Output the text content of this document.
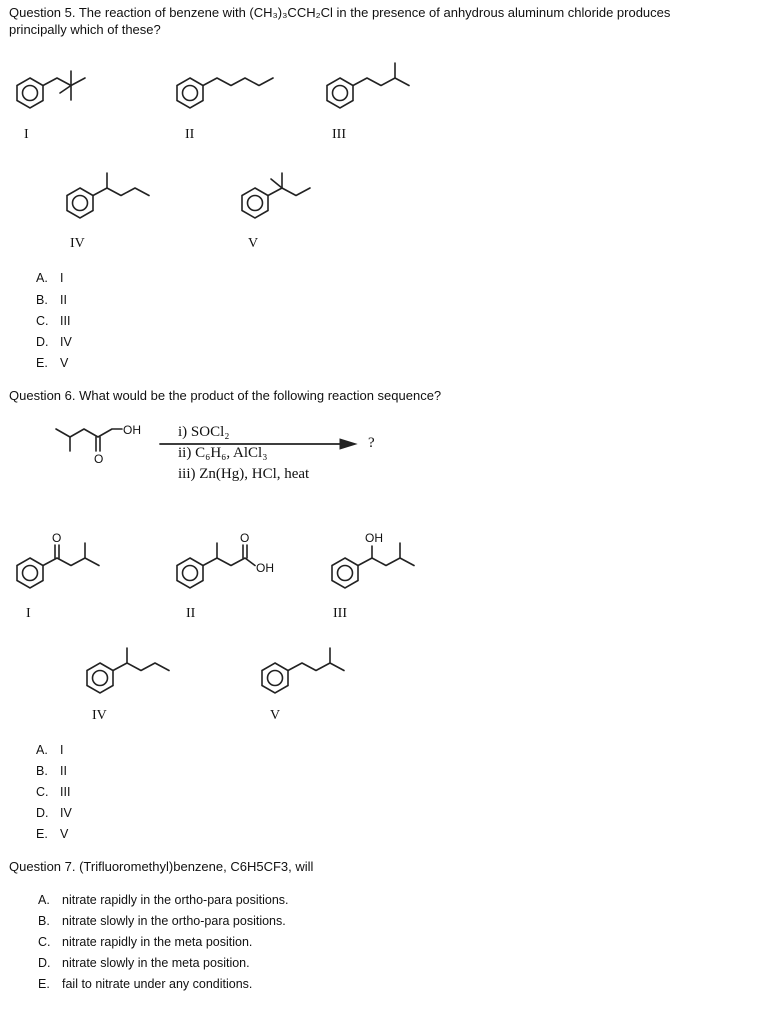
Question 5. The reaction of benzene with (CH₃)₃CCH₂Cl in the presence of anhydrous aluminum chloride produces
principally which of these?
I	II	III
IV	V
A. I
B. II
C. III
D. IV
E. V
Question 6. What would be the product of the following reaction sequence?
OH
O
i) SOCl₂
ii) C₆H₆, AlCl₃
iii) Zn(Hg), HCl, heat
?
O
I
O
OH
II
OH
III
IV	V
A. I
B. II
C. III
D. IV
E. V
Question 7. (Trifluoromethyl)benzene, C6H5CF3, will
A. nitrate rapidly in the ortho-para positions.
B. nitrate slowly in the ortho-para positions.
C. nitrate rapidly in the meta position.
D. nitrate slowly in the meta position.
E. fail to nitrate under any conditions.
